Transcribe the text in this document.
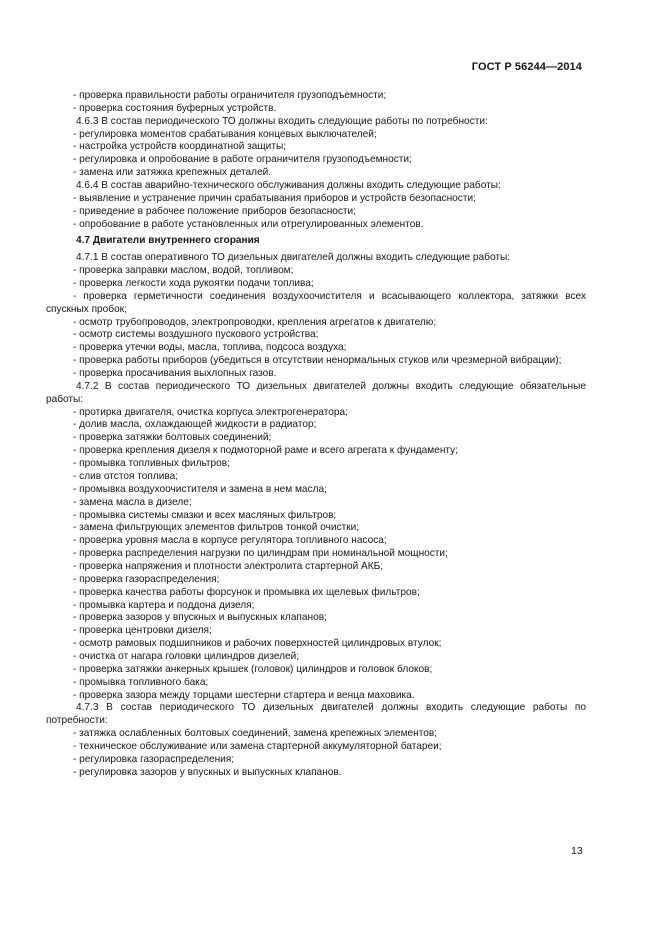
ГОСТ Р 56244—2014
- проверка правильности работы ограничителя грузоподъемности;
- проверка состояния буферных устройств.
4.6.3 В состав периодического ТО должны входить следующие работы по потребности:
- регулировка моментов срабатывания концевых выключателей;
- настройка устройств координатной защиты;
- регулировка и опробование в работе ограничителя грузоподъемности;
- замена или затяжка крепежных деталей.
4.6.4 В состав аварийно-технического обслуживания должны входить следующие работы:
- выявление и устранение причин срабатывания приборов и устройств безопасности;
- приведение в рабочее положение приборов безопасности;
- опробование в работе установленных или отрегулированных элементов.
4.7 Двигатели внутреннего сгорания
4.7.1 В состав оперативного ТО дизельных двигателей должны входить следующие работы:
- проверка заправки маслом, водой, топливом;
- проверка легкости хода рукоятки подачи топлива;
- проверка герметичности соединения воздухоочистителя и всасывающего коллектора, затяжки всех спускных пробок;
- осмотр трубопроводов, электропроводки, крепления агрегатов к двигателю;
- осмотр системы воздушного пускового устройства;
- проверка утечки воды, масла, топлива, подсоса воздуха;
- проверка работы приборов (убедиться в отсутствии ненормальных стуков или чрезмерной вибрации);
- проверка просачивания выхлопных газов.
4.7.2 В состав периодического ТО дизельных двигателей должны входить следующие обязательные работы:
- протирка двигателя, очистка корпуса электрогенератора;
- долив масла, охлаждающей жидкости в радиатор;
- проверка затяжки болтовых соединений;
- проверка крепления дизеля к подмоторной раме и всего агрегата к фундаменту;
- промывка топливных фильтров;
- слив отстоя топлива;
- промывка воздухоочистителя и замена в нем масла;
- замена масла в дизеле;
- промывка системы смазки и всех масляных фильтров;
- замена фильтрующих элементов фильтров тонкой очистки;
- проверка уровня масла в корпусе регулятора топливного насоса;
- проверка распределения нагрузки по цилиндрам при номинальной мощности;
- проверка напряжения и плотности электролита стартерной АКБ;
- проверка газораспределения;
- проверка качества работы форсунок и промывка их щелевых фильтров;
- промывка картера и поддона дизеля;
- проверка зазоров у впускных и выпускных клапанов;
- проверка центровки дизеля;
- осмотр рамовых подшипников и рабочих поверхностей цилиндровых втулок;
- очистка от нагара головки цилиндров дизелей;
- проверка затяжки анкерных крышек (головок) цилиндров и головок блоков;
- промывка топливного бака;
- проверка зазора между торцами шестерни стартера и венца маховика.
4.7.3 В состав периодического ТО дизельных двигателей должны входить следующие работы по потребности:
- затяжка ослабленных болтовых соединений, замена крепежных элементов;
- техническое обслуживание или замена стартерной аккумуляторной батареи;
- регулировка газораспределения;
- регулировка зазоров у впускных и выпускных клапанов.
13
